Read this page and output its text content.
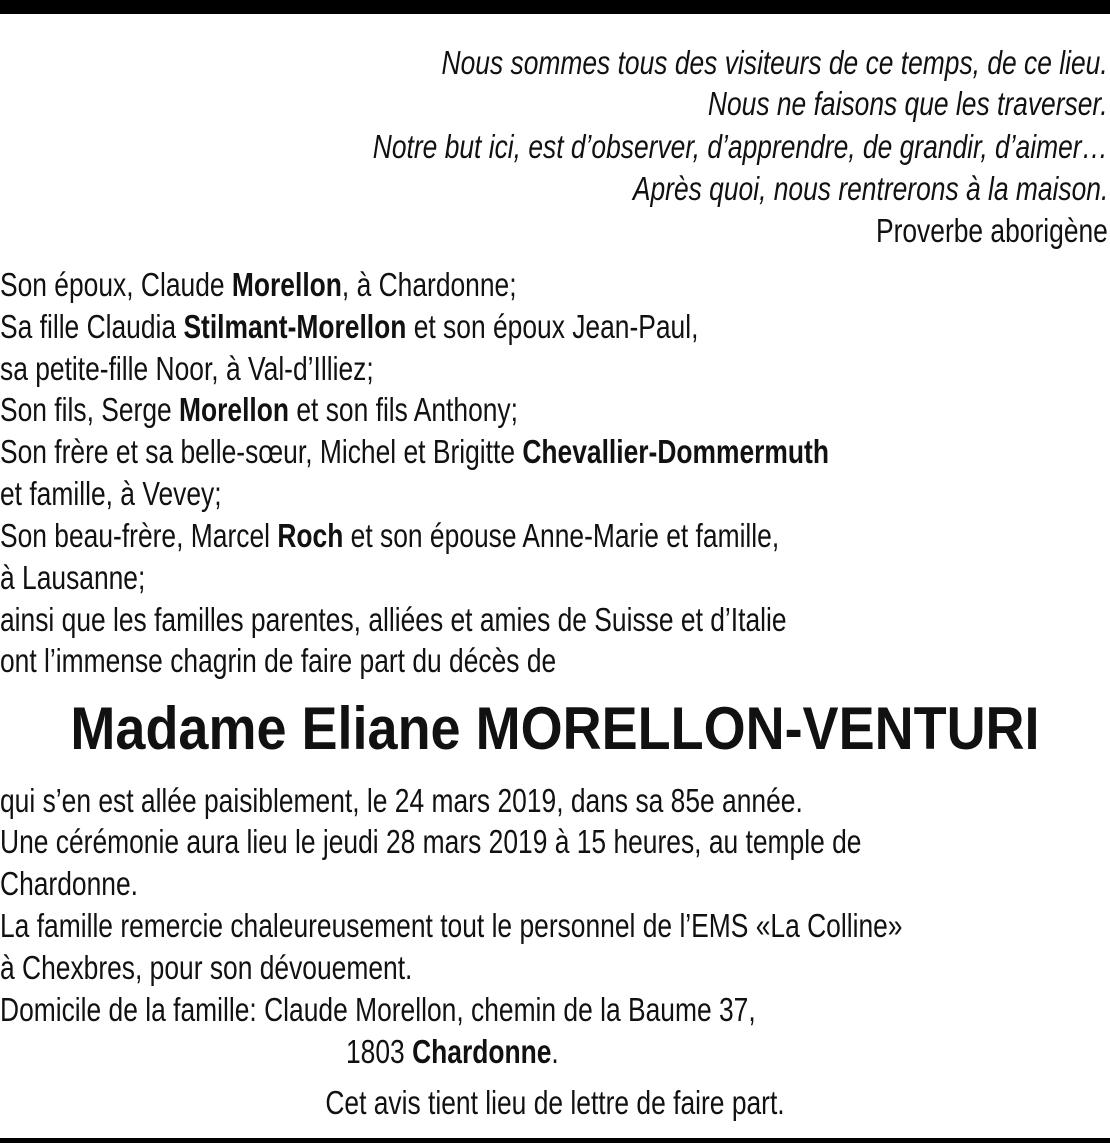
Nous sommes tous des visiteurs de ce temps, de ce lieu.
Nous ne faisons que les traverser.
Notre but ici, est d’observer, d’apprendre, de grandir, d’aimer…
Après quoi, nous rentrerons à la maison.
Proverbe aborigène
Son époux, Claude Morellon, à Chardonne;
Sa fille Claudia Stilmant-Morellon et son époux Jean-Paul,
sa petite-fille Noor, à Val-d’Illiez;
Son fils, Serge Morellon et son fils Anthony;
Son frère et sa belle-sœur, Michel et Brigitte Chevallier-Dommermuth
et famille, à Vevey;
Son beau-frère, Marcel Roch et son épouse Anne-Marie et famille,
à Lausanne;
ainsi que les familles parentes, alliées et amies de Suisse et d’Italie
ont l’immense chagrin de faire part du décès de
Madame Eliane MORELLON-VENTURI
qui s’en est allée paisiblement, le 24 mars 2019, dans sa 85e année.
Une cérémonie aura lieu le jeudi 28 mars 2019 à 15 heures, au temple de
Chardonne.
La famille remercie chaleureusement tout le personnel de l’EMS «La Colline»
à Chexbres, pour son dévouement.
Domicile de la famille: Claude Morellon, chemin de la Baume 37,
1803 Chardonne.
Cet avis tient lieu de lettre de faire part.
